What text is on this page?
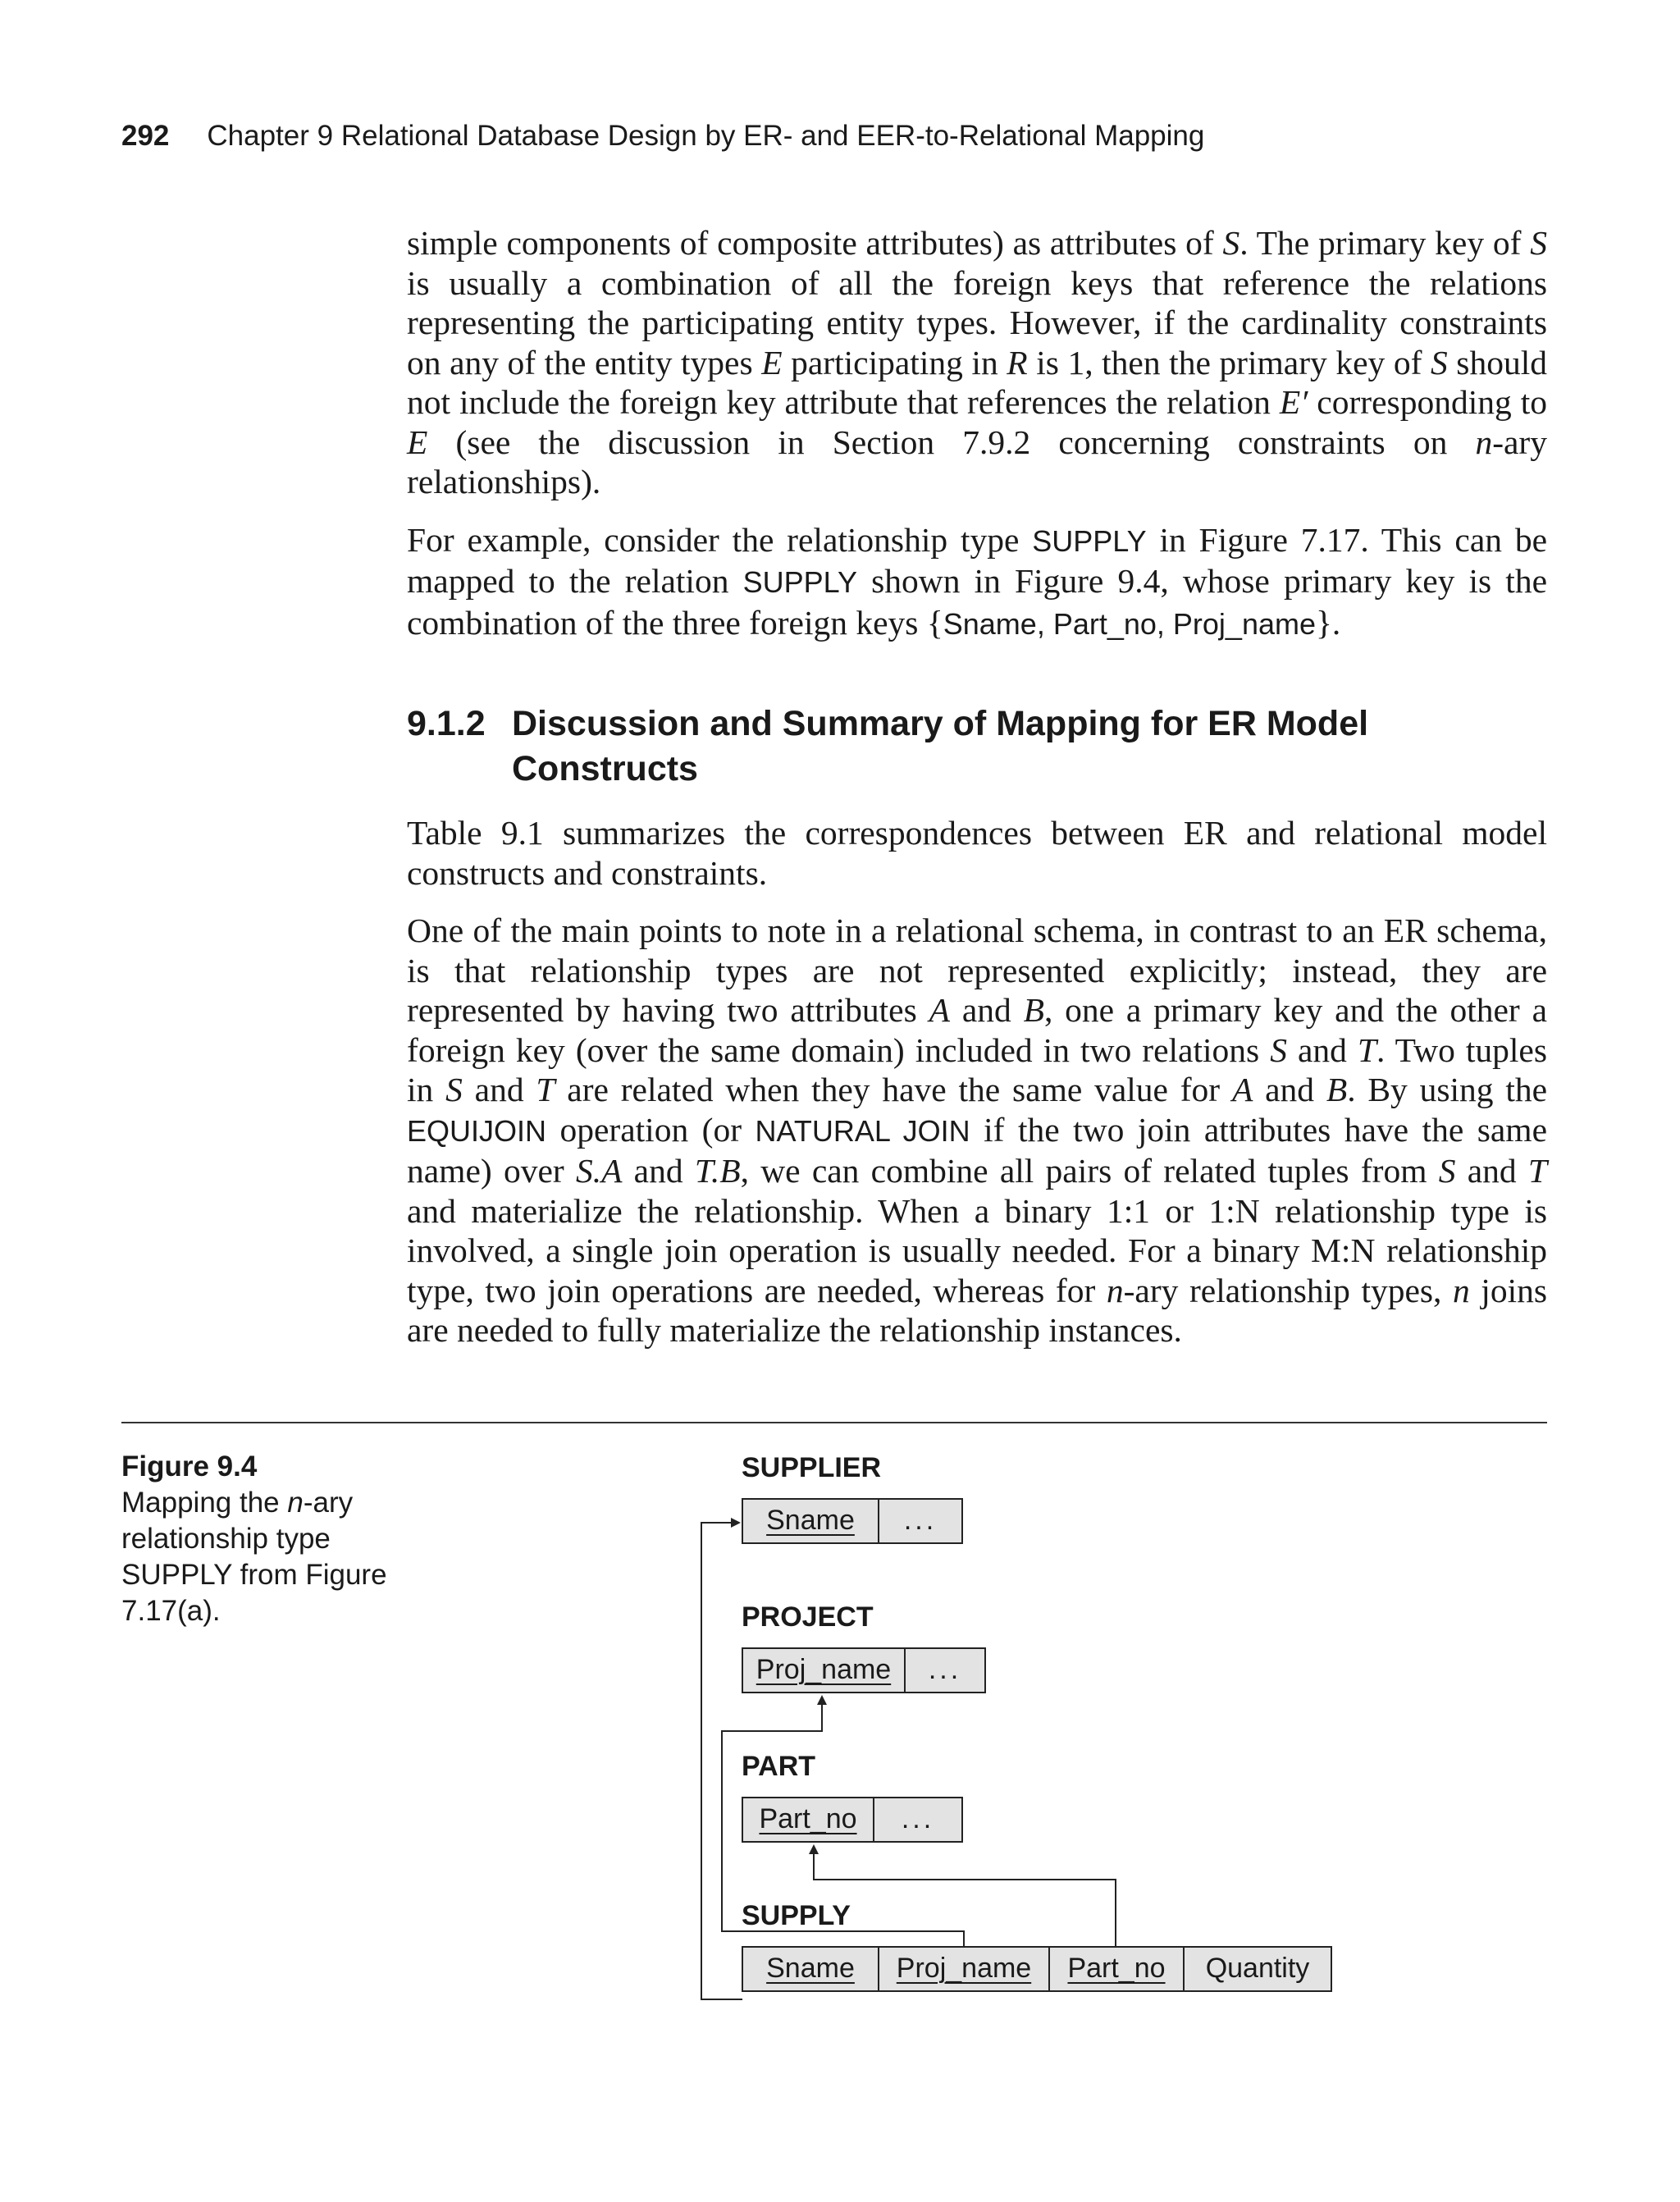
292 Chapter 9 Relational Database Design by ER- and EER-to-Relational Mapping

simple components of composite attributes) as attributes of S. The primary key of S is usually a combination of all the foreign keys that reference the relations representing the participating entity types. However, if the cardinality constraints on any of the entity types E participating in R is 1, then the primary key of S should not include the foreign key attribute that references the relation E′ corresponding to E (see the discussion in Section 7.9.2 concerning constraints on n-ary relationships).

For example, consider the relationship type SUPPLY in Figure 7.17. This can be mapped to the relation SUPPLY shown in Figure 9.4, whose primary key is the combination of the three foreign keys {Sname, Part_no, Proj_name}.

9.1.2 Discussion and Summary of Mapping for ER Model Constructs

Table 9.1 summarizes the correspondences between ER and relational model constructs and constraints.

One of the main points to note in a relational schema, in contrast to an ER schema, is that relationship types are not represented explicitly; instead, they are represented by having two attributes A and B, one a primary key and the other a foreign key (over the same domain) included in two relations S and T. Two tuples in S and T are related when they have the same value for A and B. By using the EQUIJOIN operation (or NATURAL JOIN if the two join attributes have the same name) over S.A and T.B, we can combine all pairs of related tuples from S and T and materialize the relationship. When a binary 1:1 or 1:N relationship type is involved, a single join operation is usually needed. For a binary M:N relationship type, two join operations are needed, whereas for n-ary relationship types, n joins are needed to fully materialize the relationship instances.

Figure 9.4
Mapping the n-ary relationship type SUPPLY from Figure 7.17(a).
SUPPLIER
Sname	...
PROJECT
Proj_name	...
PART
Part_no	...
SUPPLY
Sname	Proj_name	Part_no	Quantity
